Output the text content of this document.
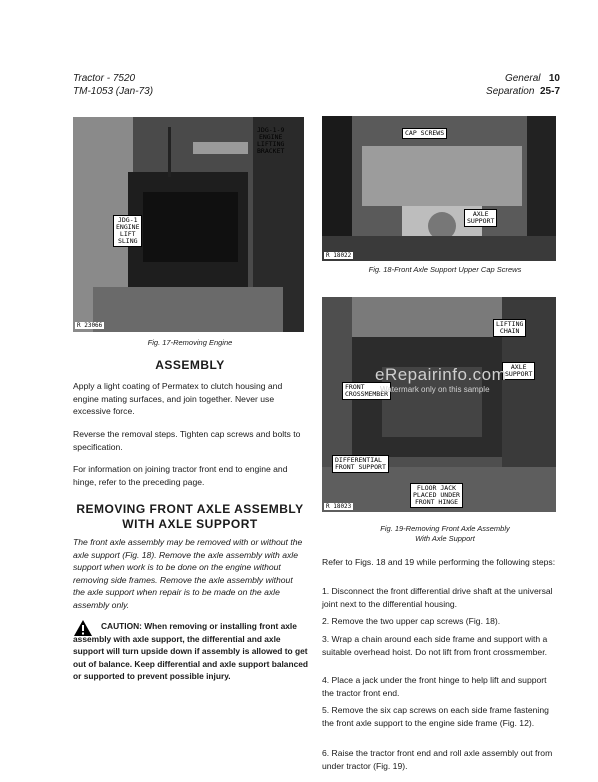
Tractor - 7520
TM-1053 (Jan-73)
General 10
Separation 25-7
JDG-1-9
ENGINE
LIFTING
BRACKET
JDG-1
ENGINE
LIFT
SLING
R 23066
Fig. 17-Removing Engine
CAP SCREWS
AXLE
SUPPORT
R 18022
Fig. 18-Front Axle Support Upper Cap Screws
LIFTING
CHAIN
AXLE
SUPPORT
FRONT
CROSSMEMBER
DIFFERENTIAL
FRONT SUPPORT
FLOOR JACK
PLACED UNDER
FRONT HINGE
R 18023
Fig. 19-Removing Front Axle Assembly
With Axle Support
eRepairinfo.com
Watermark only on this sample
ASSEMBLY
Apply a light coating of Permatex to clutch housing and engine mating surfaces, and join together. Never use excessive force.
Reverse the removal steps. Tighten cap screws and bolts to specification.
For information on joining tractor front end to engine and hinge, refer to the preceding page.
REMOVING FRONT AXLE ASSEMBLY
WITH AXLE SUPPORT
The front axle assembly may be removed with or without the axle support (Fig. 18). Remove the axle assembly with axle support when work is to be done on the engine without removing side frames. Remove the axle assembly without the axle support when repair is to be made on the axle assembly only.
CAUTION: When removing or installing front axle assembly with axle support, the differential and axle support will turn upside down if assembly is allowed to get out of balance. Keep differential and axle support balanced or supported to prevent possible injury.
Refer to Figs. 18 and 19 while performing the following steps:
1. Disconnect the front differential drive shaft at the universal joint next to the differential housing.
2. Remove the two upper cap screws (Fig. 18).
3. Wrap a chain around each side frame and support with a suitable overhead hoist. Do not lift from front crossmember.
4. Place a jack under the front hinge to help lift and support the tractor front end.
5. Remove the six cap screws on each side frame fastening the front axle support to the engine side frame (Fig. 12).
6. Raise the tractor front end and roll axle assembly out from under tractor (Fig. 19).
